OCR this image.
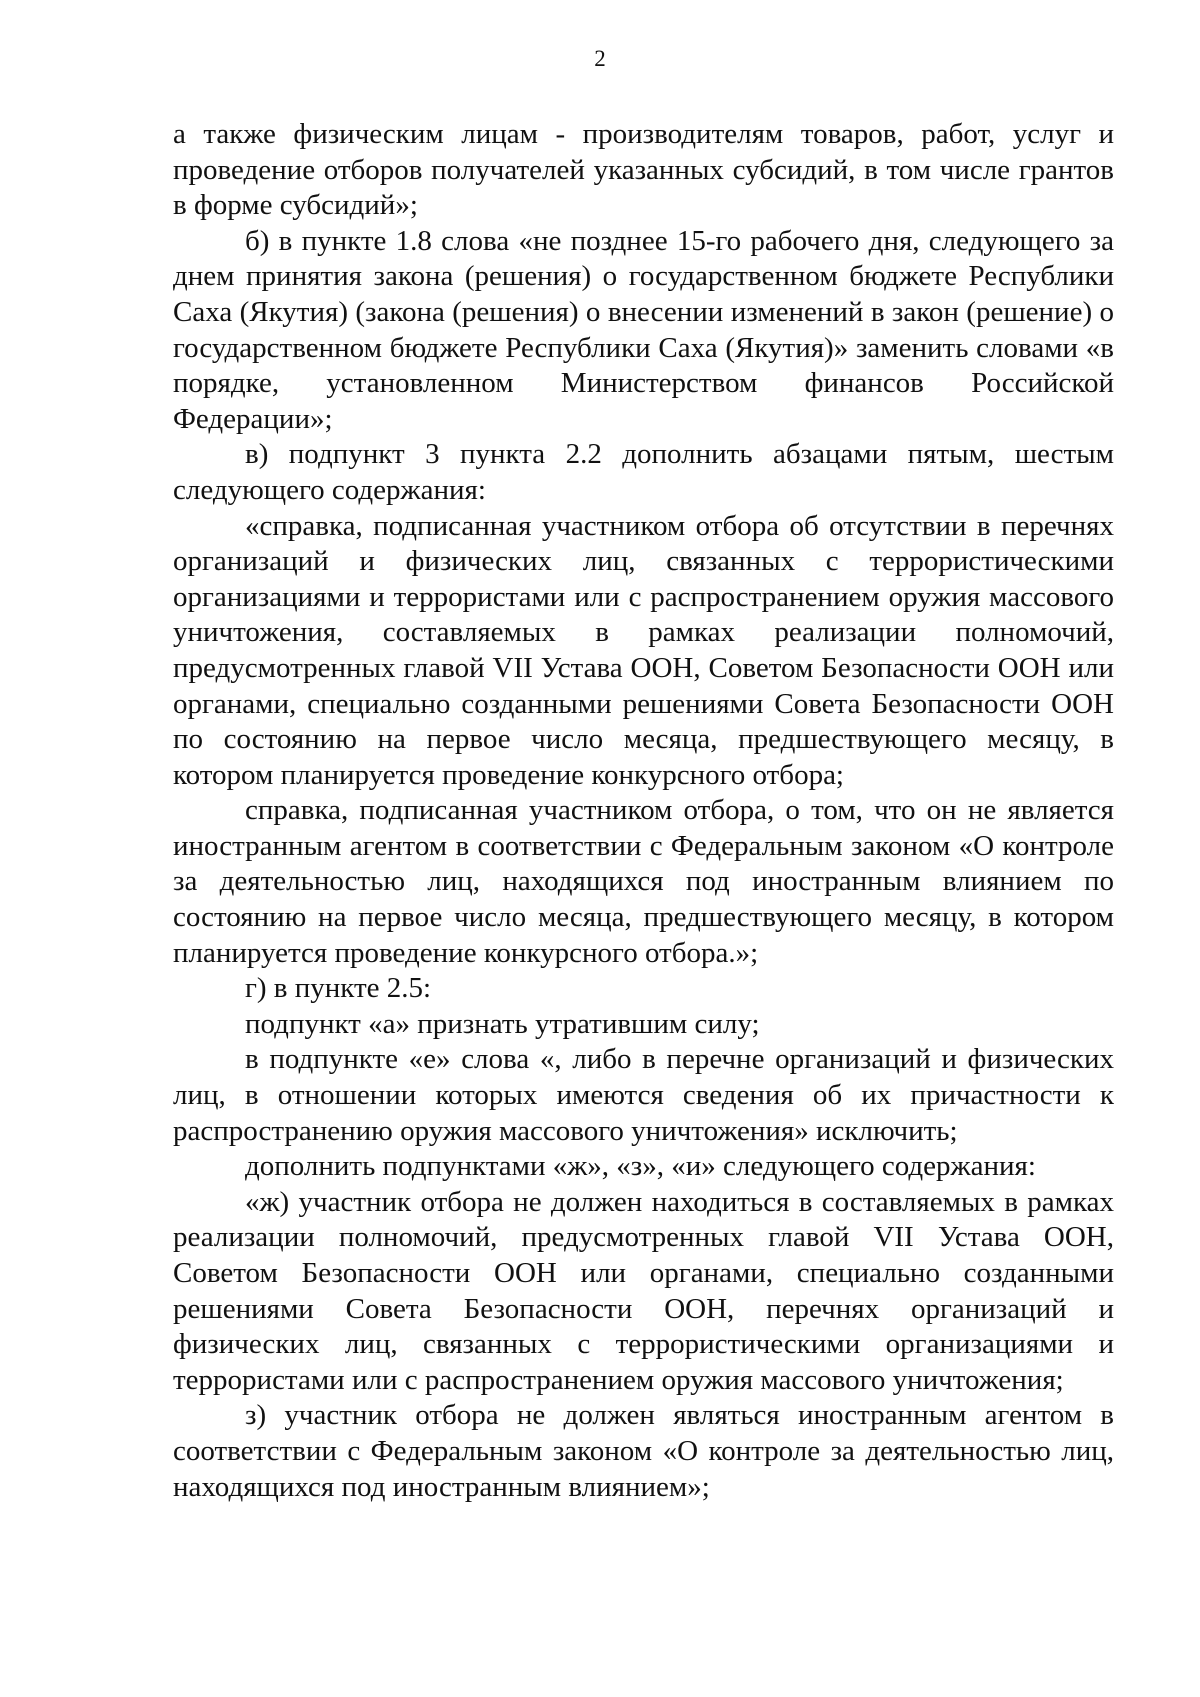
2

а также физическим лицам - производителям товаров, работ, услуг и проведение отборов получателей указанных субсидий, в том числе грантов в форме субсидий»;

б) в пункте 1.8 слова «не позднее 15-го рабочего дня, следующего за днем принятия закона (решения) о государственном бюджете Республики Саха (Якутия) (закона (решения) о внесении изменений в закон (решение) о государственном бюджете Республики Саха (Якутия)» заменить словами «в порядке, установленном Министерством финансов Российской Федерации»;

в) подпункт 3 пункта 2.2 дополнить абзацами пятым, шестым следующего содержания:

«справка, подписанная участником отбора об отсутствии в перечнях организаций и физических лиц, связанных с террористическими организациями и террористами или с распространением оружия массового уничтожения, составляемых в рамках реализации полномочий, предусмотренных главой VII Устава ООН, Советом Безопасности ООН или органами, специально созданными решениями Совета Безопасности ООН по состоянию на первое число месяца, предшествующего месяцу, в котором планируется проведение конкурсного отбора;

справка, подписанная участником отбора, о том, что он не является иностранным агентом в соответствии с Федеральным законом «О контроле за деятельностью лиц, находящихся под иностранным влиянием по состоянию на первое число месяца, предшествующего месяцу, в котором планируется проведение конкурсного отбора.»;

г) в пункте 2.5:

подпункт «а» признать утратившим силу;

в подпункте «е» слова «, либо в перечне организаций и физических лиц, в отношении которых имеются сведения об их причастности к распространению оружия массового уничтожения» исключить;

дополнить подпунктами «ж», «з», «и» следующего содержания:

«ж) участник отбора не должен находиться в составляемых в рамках реализации полномочий, предусмотренных главой VII Устава ООН, Советом Безопасности ООН или органами, специально созданными решениями Совета Безопасности ООН, перечнях организаций и физических лиц, связанных с террористическими организациями и террористами или с распространением оружия массового уничтожения;

з) участник отбора не должен являться иностранным агентом в соответствии с Федеральным законом «О контроле за деятельностью лиц, находящихся под иностранным влиянием»;
